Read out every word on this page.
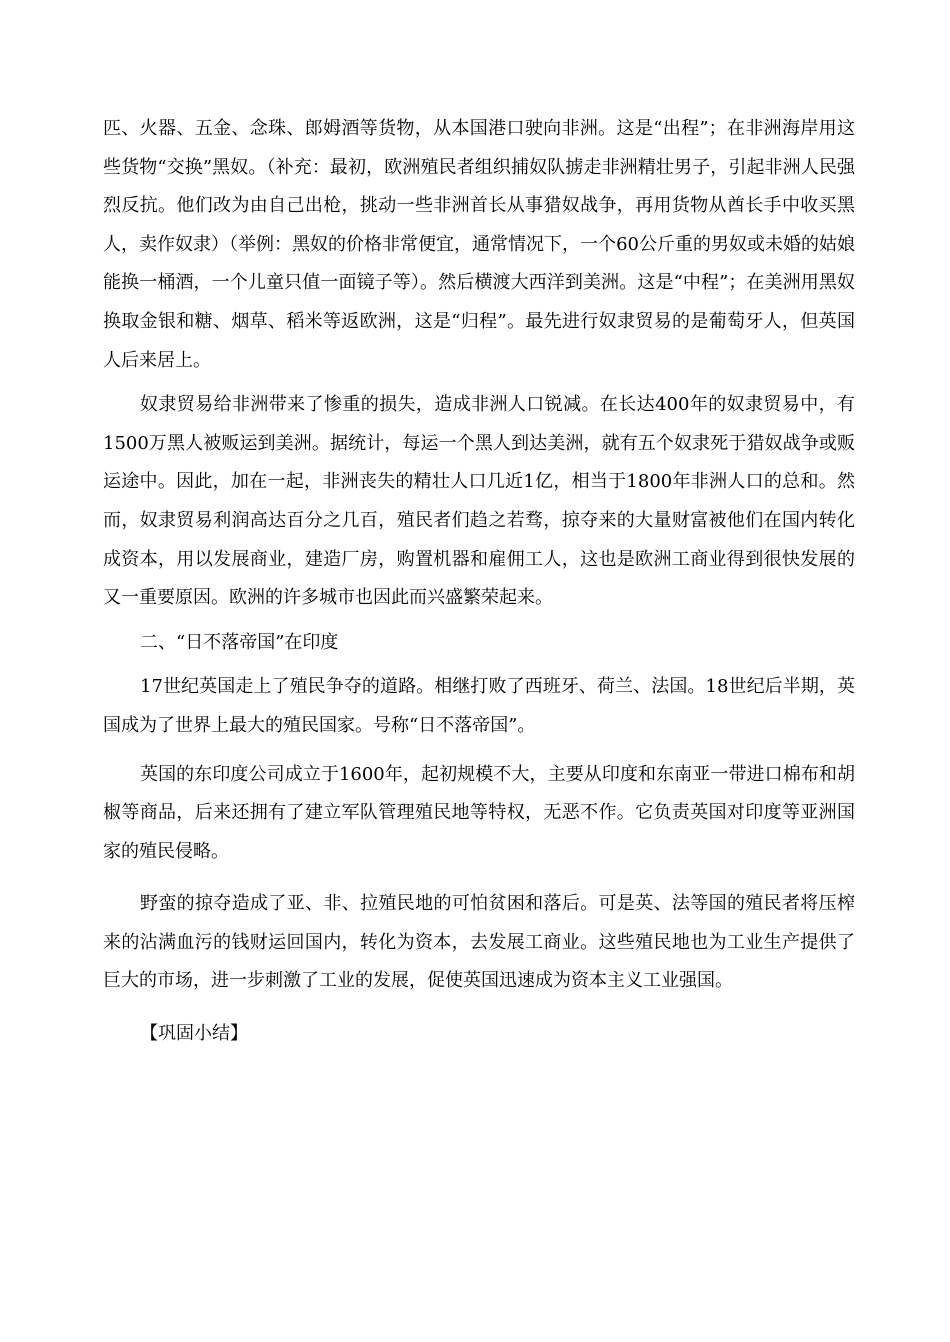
匹、火器、五金、念珠、郎姆酒等货物，从本国港口驶向非洲。这是“出程”；在非洲海岸用这些货物“交换”黑奴。（补充：最初，欧洲殖民者组织捕奴队掳走非洲精壮男子，引起非洲人民强烈反抗。他们改为由自己出枪，挑动一些非洲首长从事猎奴战争，再用货物从酋长手中收买黑人，卖作奴隶）（举例：黑奴的价格非常便宜，通常情况下，一个60公斤重的男奴或未婚的姑娘能换一桶酒，一个儿童只值一面镜子等）。然后横渡大西洋到美洲。这是“中程”；在美洲用黑奴换取金银和糖、烟草、稻米等返欧洲，这是“归程”。最先进行奴隶贸易的是葡萄牙人，但英国人后来居上。

奴隶贸易给非洲带来了惨重的损失，造成非洲人口锐减。在长达400年的奴隶贸易中，有1500万黑人被贩运到美洲。据统计，每运一个黑人到达美洲，就有五个奴隶死于猎奴战争或贩运途中。因此，加在一起，非洲丧失的精壮人口几近1亿，相当于1800年非洲人口的总和。然而，奴隶贸易利润高达百分之几百，殖民者们趋之若骛，掠夺来的大量财富被他们在国内转化成资本，用以发展商业，建造厂房，购置机器和雇佣工人，这也是欧洲工商业得到很快发展的又一重要原因。欧洲的许多城市也因此而兴盛繁荣起来。

二、“日不落帝国”在印度

17世纪英国走上了殖民争夺的道路。相继打败了西班牙、荷兰、法国。18世纪后半期，英国成为了世界上最大的殖民国家。号称“日不落帝国”。

英国的东印度公司成立于1600年，起初规模不大，主要从印度和东南亚一带进口棉布和胡椒等商品，后来还拥有了建立军队管理殖民地等特权，无恶不作。它负责英国对印度等亚洲国家的殖民侵略。

野蛮的掠夺造成了亚、非、拉殖民地的可怕贫困和落后。可是英、法等国的殖民者将压榨来的沾满血污的钱财运回国内，转化为资本，去发展工商业。这些殖民地也为工业生产提供了巨大的市场，进一步刺激了工业的发展，促使英国迅速成为资本主义工业强国。

【巩固小结】
